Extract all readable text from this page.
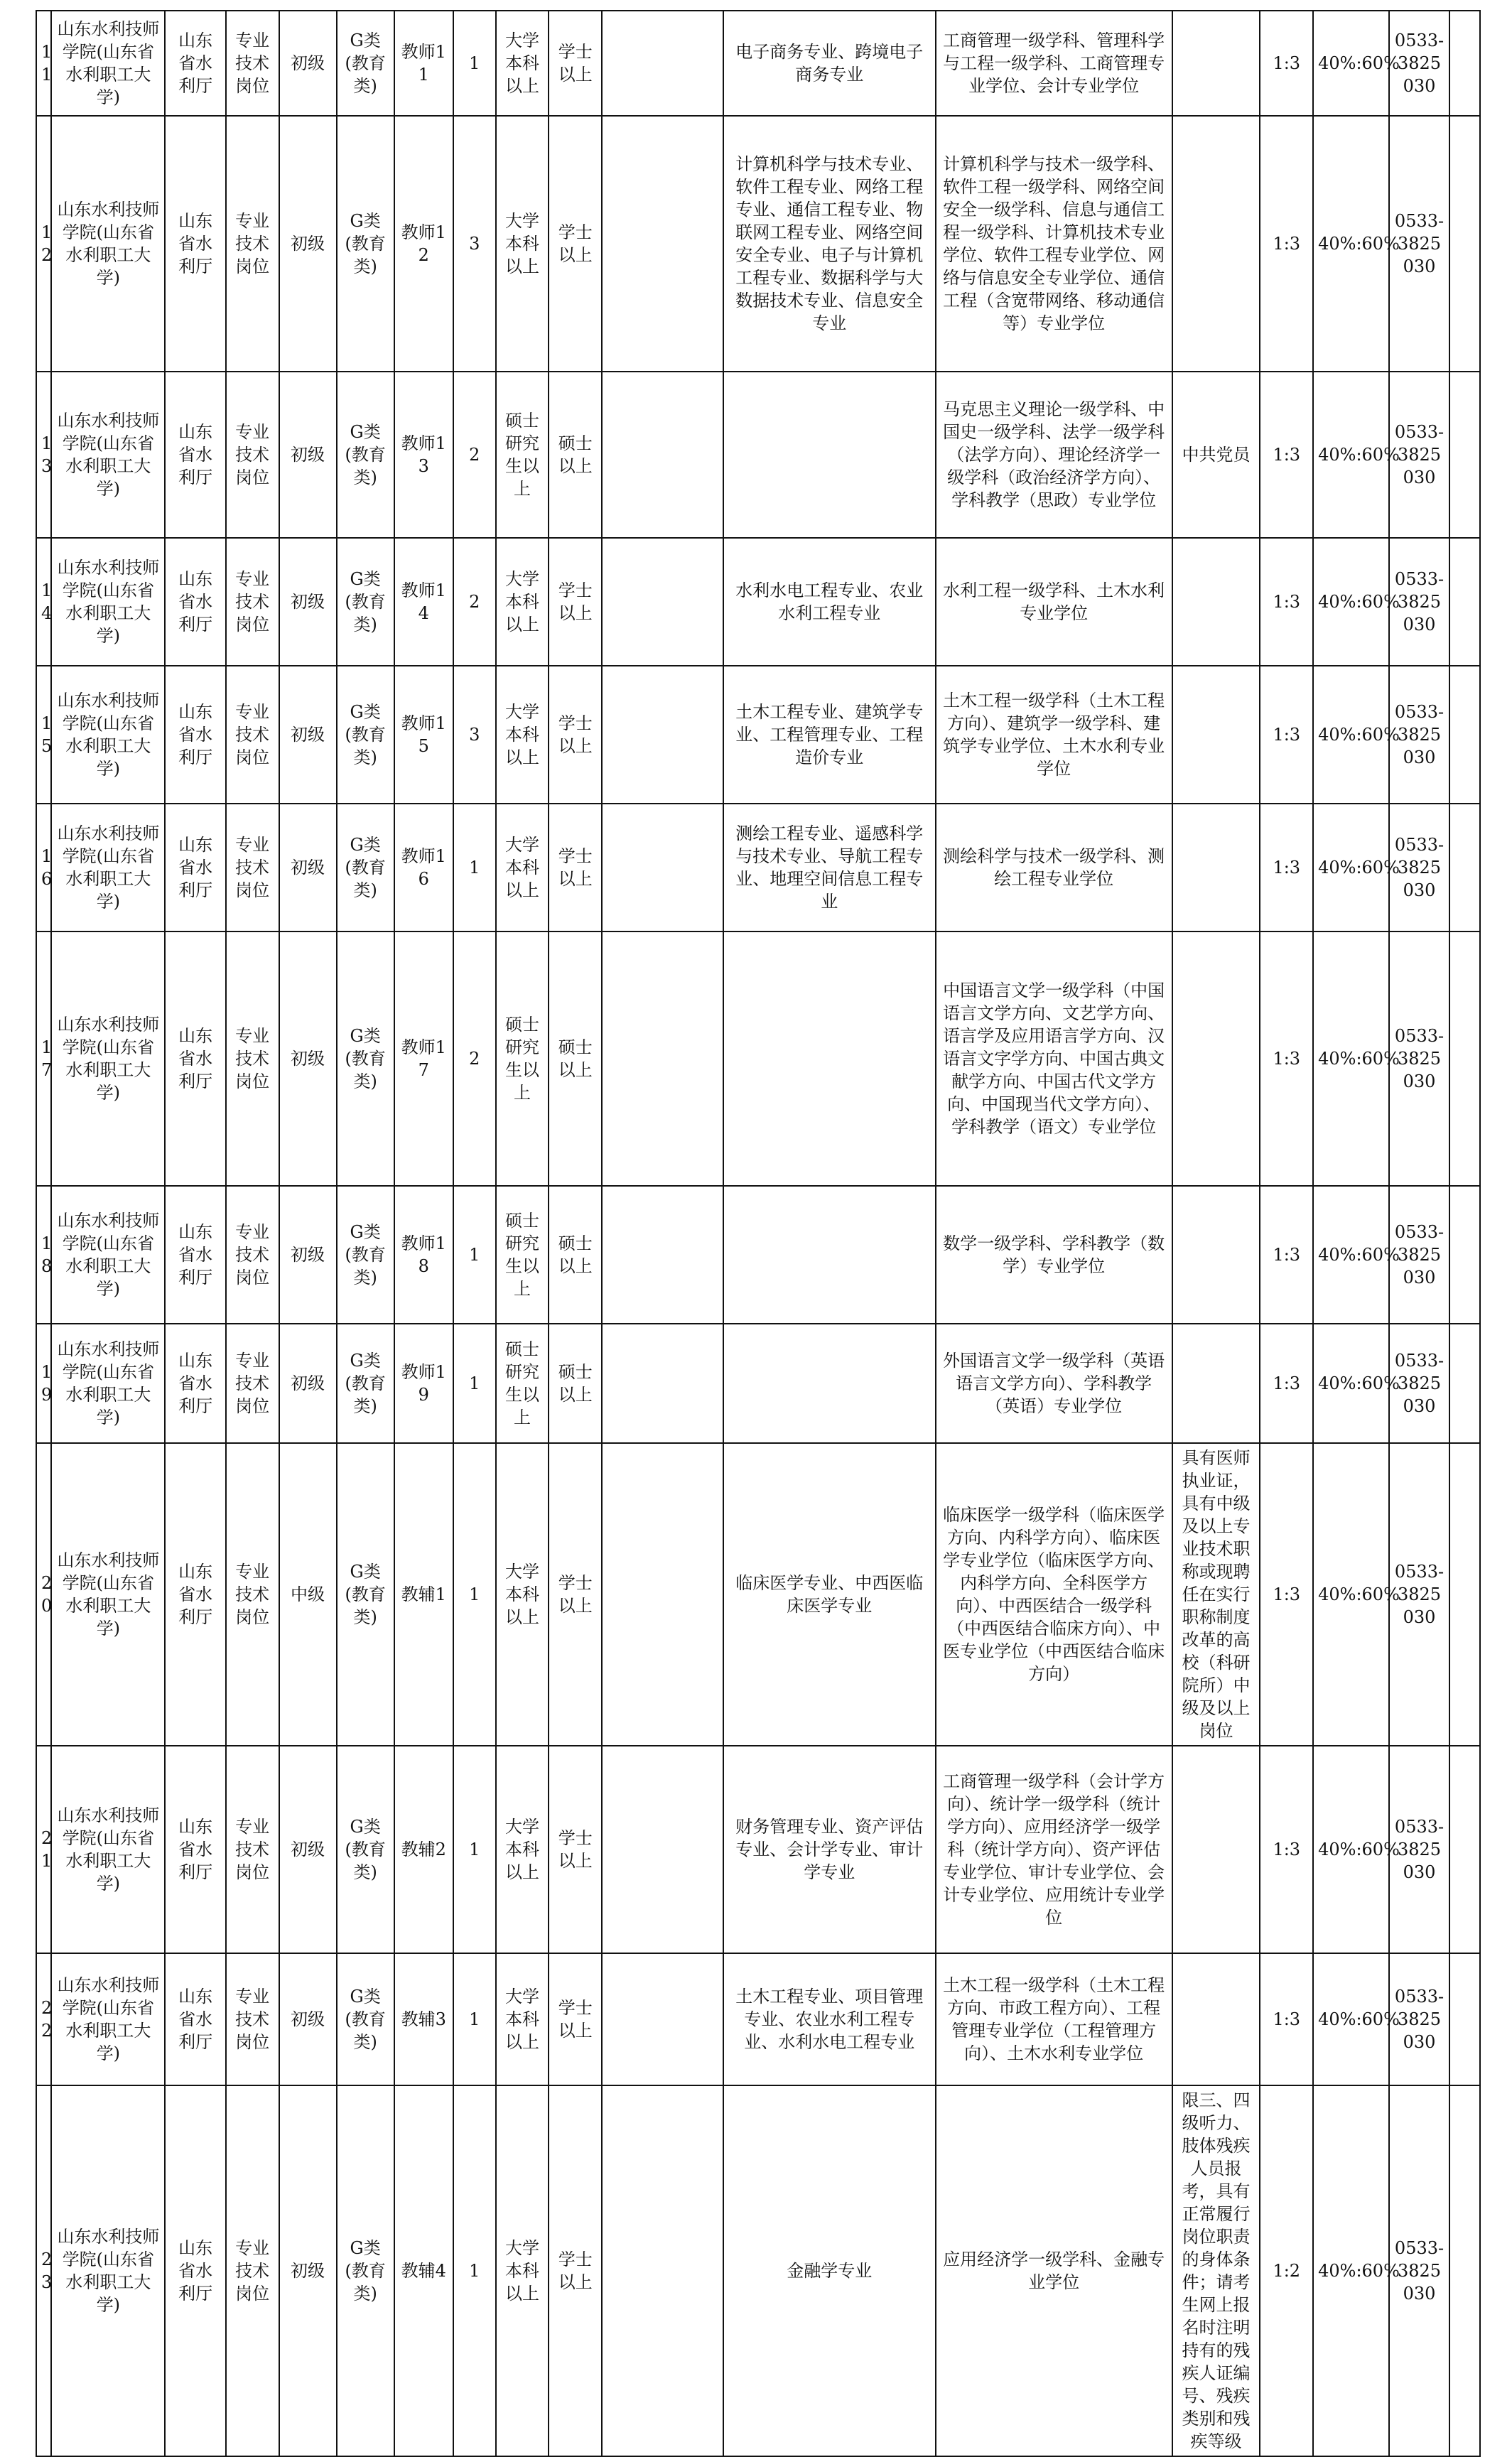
11	山东水利技师学院(山东省水利职工大学)	山东省水利厅	专业技术岗位	初级	G类(教育类)	教师11	1	大学本科以上	学士以上		电子商务专业、跨境电子商务专业	工商管理一级学科、管理科学与工程一级学科、工商管理专业学位、会计专业学位		1:3	40%:60%	0533-3825030	
12	山东水利技师学院(山东省水利职工大学)	山东省水利厅	专业技术岗位	初级	G类(教育类)	教师12	3	大学本科以上	学士以上		计算机科学与技术专业、软件工程专业、网络工程专业、通信工程专业、物联网工程专业、网络空间安全专业、电子与计算机工程专业、数据科学与大数据技术专业、信息安全专业	计算机科学与技术一级学科、软件工程一级学科、网络空间安全一级学科、信息与通信工程一级学科、计算机技术专业学位、软件工程专业学位、网络与信息安全专业学位、通信工程（含宽带网络、移动通信等）专业学位		1:3	40%:60%	0533-3825030	
13	山东水利技师学院(山东省水利职工大学)	山东省水利厅	专业技术岗位	初级	G类(教育类)	教师13	2	硕士研究生以上	硕士以上			马克思主义理论一级学科、中国史一级学科、法学一级学科（法学方向）、理论经济学一级学科（政治经济学方向）、学科教学（思政）专业学位	中共党员	1:3	40%:60%	0533-3825030	
14	山东水利技师学院(山东省水利职工大学)	山东省水利厅	专业技术岗位	初级	G类(教育类)	教师14	2	大学本科以上	学士以上		水利水电工程专业、农业水利工程专业	水利工程一级学科、土木水利专业学位		1:3	40%:60%	0533-3825030	
15	山东水利技师学院(山东省水利职工大学)	山东省水利厅	专业技术岗位	初级	G类(教育类)	教师15	3	大学本科以上	学士以上		土木工程专业、建筑学专业、工程管理专业、工程造价专业	土木工程一级学科（土木工程方向）、建筑学一级学科、建筑学专业学位、土木水利专业学位		1:3	40%:60%	0533-3825030	
16	山东水利技师学院(山东省水利职工大学)	山东省水利厅	专业技术岗位	初级	G类(教育类)	教师16	1	大学本科以上	学士以上		测绘工程专业、遥感科学与技术专业、导航工程专业、地理空间信息工程专业	测绘科学与技术一级学科、测绘工程专业学位		1:3	40%:60%	0533-3825030	
17	山东水利技师学院(山东省水利职工大学)	山东省水利厅	专业技术岗位	初级	G类(教育类)	教师17	2	硕士研究生以上	硕士以上			中国语言文学一级学科（中国语言文学方向、文艺学方向、语言学及应用语言学方向、汉语言文字学方向、中国古典文献学方向、中国古代文学方向、中国现当代文学方向）、学科教学（语文）专业学位		1:3	40%:60%	0533-3825030	
18	山东水利技师学院(山东省水利职工大学)	山东省水利厅	专业技术岗位	初级	G类(教育类)	教师18	1	硕士研究生以上	硕士以上			数学一级学科、学科教学（数学）专业学位		1:3	40%:60%	0533-3825030	
19	山东水利技师学院(山东省水利职工大学)	山东省水利厅	专业技术岗位	初级	G类(教育类)	教师19	1	硕士研究生以上	硕士以上			外国语言文学一级学科（英语语言文学方向）、学科教学（英语）专业学位		1:3	40%:60%	0533-3825030	
20	山东水利技师学院(山东省水利职工大学)	山东省水利厅	专业技术岗位	中级	G类(教育类)	教辅1	1	大学本科以上	学士以上		临床医学专业、中西医临床医学专业	临床医学一级学科（临床医学方向、内科学方向）、临床医学专业学位（临床医学方向、内科学方向、全科医学方向）、中西医结合一级学科（中西医结合临床方向）、中医专业学位（中西医结合临床方向）	具有医师执业证，具有中级及以上专业技术职称或现聘任在实行职称制度改革的高校（科研院所）中级及以上岗位	1:3	40%:60%	0533-3825030	
21	山东水利技师学院(山东省水利职工大学)	山东省水利厅	专业技术岗位	初级	G类(教育类)	教辅2	1	大学本科以上	学士以上		财务管理专业、资产评估专业、会计学专业、审计学专业	工商管理一级学科（会计学方向）、统计学一级学科（统计学方向）、应用经济学一级学科（统计学方向）、资产评估专业学位、审计专业学位、会计专业学位、应用统计专业学位		1:3	40%:60%	0533-3825030	
22	山东水利技师学院(山东省水利职工大学)	山东省水利厅	专业技术岗位	初级	G类(教育类)	教辅3	1	大学本科以上	学士以上		土木工程专业、项目管理专业、农业水利工程专业、水利水电工程专业	土木工程一级学科（土木工程方向、市政工程方向）、工程管理专业学位（工程管理方向）、土木水利专业学位		1:3	40%:60%	0533-3825030	
23	山东水利技师学院(山东省水利职工大学)	山东省水利厅	专业技术岗位	初级	G类(教育类)	教辅4	1	大学本科以上	学士以上		金融学专业	应用经济学一级学科、金融专业学位	限三、四级听力、肢体残疾人员报考，具有正常履行岗位职责的身体条件；请考生网上报名时注明持有的残疾人证编号、残疾类别和残疾等级	1:2	40%:60%	0533-3825030	
